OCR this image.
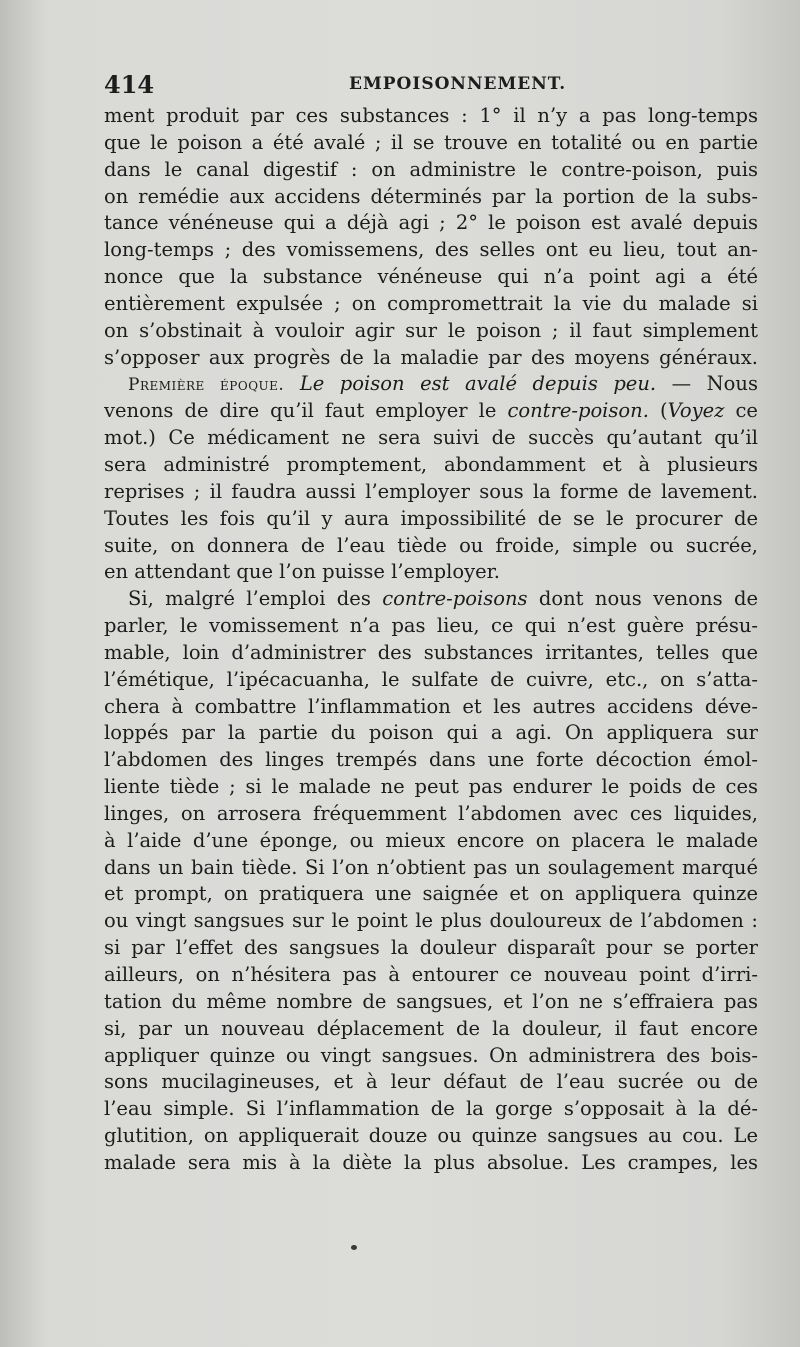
414	EMPOISONNEMENT.
ment produit par ces substances : 1° il n’y a pas long-temps
que le poison a été avalé ; il se trouve en totalité ou en partie
dans le canal digestif : on administre le contre-poison, puis
on remédie aux accidens déterminés par la portion de la subs-
tance vénéneuse qui a déjà agi ; 2° le poison est avalé depuis
long-temps ; des vomissemens, des selles ont eu lieu, tout an-
nonce que la substance vénéneuse qui n’a point agi a été
entièrement expulsée ; on compromettrait la vie du malade si
on s’obstinait à vouloir agir sur le poison ; il faut simplement
s’opposer aux progrès de la maladie par des moyens généraux.
Première époque. Le poison est avalé depuis peu. — Nous
venons de dire qu’il faut employer le contre-poison. (Voyez ce
mot.) Ce médicament ne sera suivi de succès qu’autant qu’il
sera administré promptement, abondamment et à plusieurs
reprises ; il faudra aussi l’employer sous la forme de lavement.
Toutes les fois qu’il y aura impossibilité de se le procurer de
suite, on donnera de l’eau tiède ou froide, simple ou sucrée,
en attendant que l’on puisse l’employer.
Si, malgré l’emploi des contre-poisons dont nous venons de
parler, le vomissement n’a pas lieu, ce qui n’est guère présu-
mable, loin d’administrer des substances irritantes, telles que
l’émétique, l’ipécacuanha, le sulfate de cuivre, etc., on s’atta-
chera à combattre l’inflammation et les autres accidens déve-
loppés par la partie du poison qui a agi. On appliquera sur
l’abdomen des linges trempés dans une forte décoction émol-
liente tiède ; si le malade ne peut pas endurer le poids de ces
linges, on arrosera fréquemment l’abdomen avec ces liquides,
à l’aide d’une éponge, ou mieux encore on placera le malade
dans un bain tiède. Si l’on n’obtient pas un soulagement marqué
et prompt, on pratiquera une saignée et on appliquera quinze
ou vingt sangsues sur le point le plus douloureux de l’abdomen :
si par l’effet des sangsues la douleur disparaît pour se porter
ailleurs, on n’hésitera pas à entourer ce nouveau point d’irri-
tation du même nombre de sangsues, et l’on ne s’effraiera pas
si, par un nouveau déplacement de la douleur, il faut encore
appliquer quinze ou vingt sangsues. On administrera des bois-
sons mucilagineuses, et à leur défaut de l’eau sucrée ou de
l’eau simple. Si l’inflammation de la gorge s’opposait à la dé-
glutition, on appliquerait douze ou quinze sangsues au cou. Le
malade sera mis à la diète la plus absolue. Les crampes, les
